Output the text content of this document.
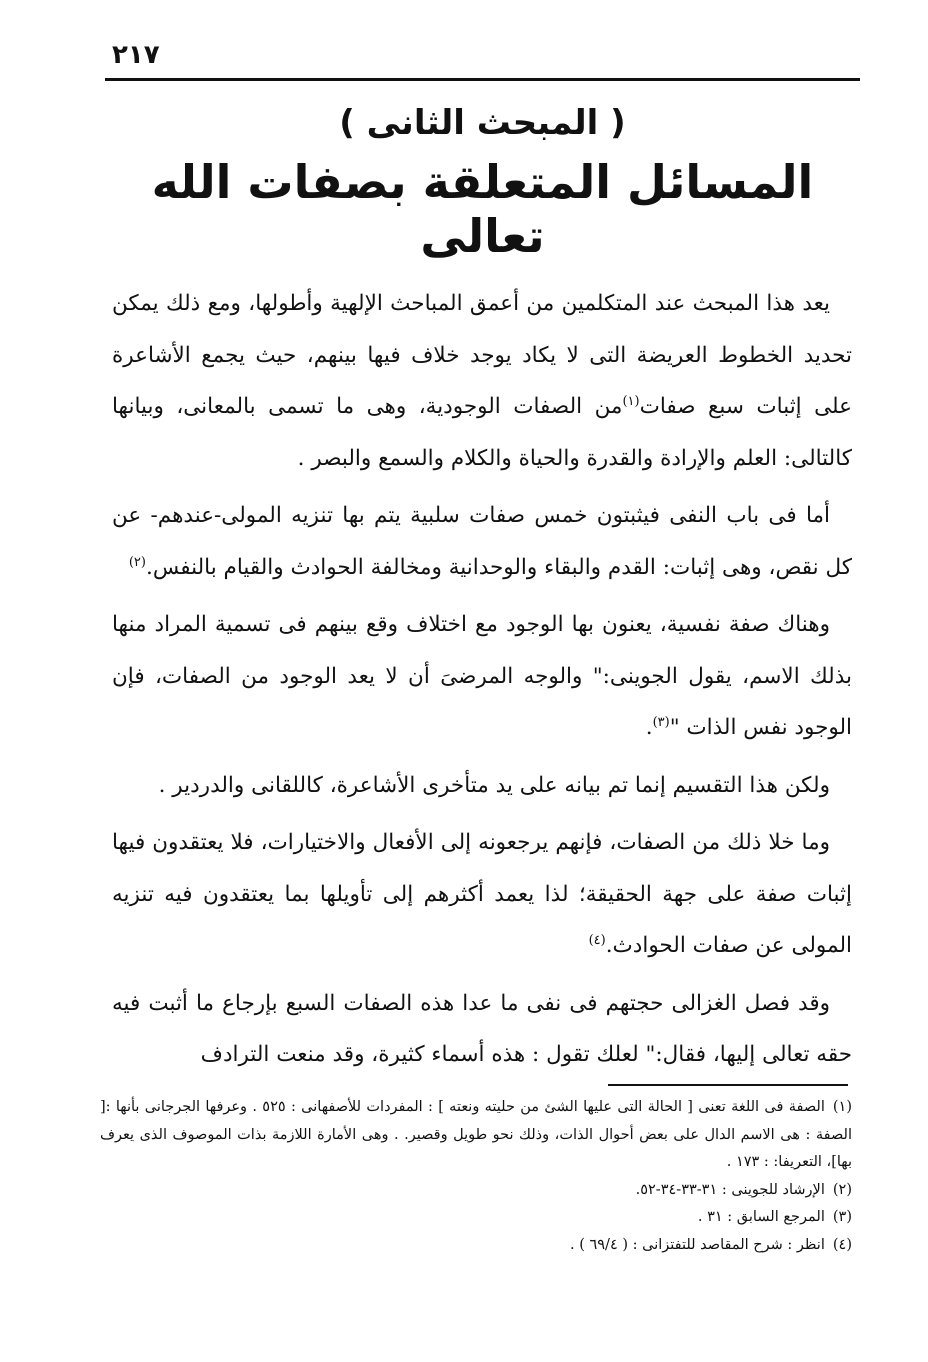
٢١٧
( المبحث الثانى )
المسائل المتعلقة بصفات الله تعالى

يعد هذا المبحث عند المتكلمين من أعمق المباحث الإلهية وأطولها، ومع ذلك يمكن تحديد الخطوط العريضة التى لا يكاد يوجد خلاف فيها بينهم، حيث يجمع الأشاعرة على إثبات سبع صفات$^{(١)}$من الصفات الوجودية، وهى ما تسمى بالمعانى، وبيانها كالتالى: العلم والإرادة والقدرة والحياة والكلام والسمع والبصر .

أما فى باب النفى فيثبتون خمس صفات سلبية يتم بها تنزيه المولى-عندهم- عن كل نقص، وهى إثبات: القدم والبقاء والوحدانية ومخالفة الحوادث والقيام بالنفس.$^{(٢)}$

وهناك صفة نفسية، يعنون بها الوجود مع اختلاف وقع بينهم فى تسمية المراد منها بذلك الاسم، يقول الجوينى:" والوجه المرضىَ أن لا يعد الوجود من الصفات، فإن الوجود نفس الذات "$^{(٣)}$.

ولكن هذا التقسيم إنما تم بيانه على يد متأخرى الأشاعرة، كاللقانى والدردير .

وما خلا ذلك من الصفات، فإنهم يرجعونه إلى الأفعال والاختيارات، فلا يعتقدون فيها إثبات صفة على جهة الحقيقة؛ لذا يعمد أكثرهم إلى تأويلها بما يعتقدون فيه تنزيه المولى عن صفات الحوادث.$^{(٤)}$

وقد فصل الغزالى حجتهم فى نفى ما عدا هذه الصفات السبع بإرجاع ما أثبت فيه حقه تعالى إليها، فقال:" لعلك تقول : هذه أسماء كثيرة، وقد منعت الترادف

(١)الصفة فى اللغة تعنى [ الحالة التى عليها الشئ من حليته ونعته ] : المفردات للأصفهانى : ٥٢٥ . وعرفها الجرجانى بأنها :[ الصفة : هى الاسم الدال على بعض أحوال الذات، وذلك نحو طويل وقصير. . وهى الأمارة اللازمة بذات الموصوف الذى يعرف بها]، التعريفا: : ١٧٣ .
(٢)الإرشاد للجوينى : ٣١-٣٣-٣٤-٥٢.
(٣)المرجع السابق : ٣١ .
(٤)انظر : شرح المقاصد للتفتزانى : ( ٦٩/٤ ) .
